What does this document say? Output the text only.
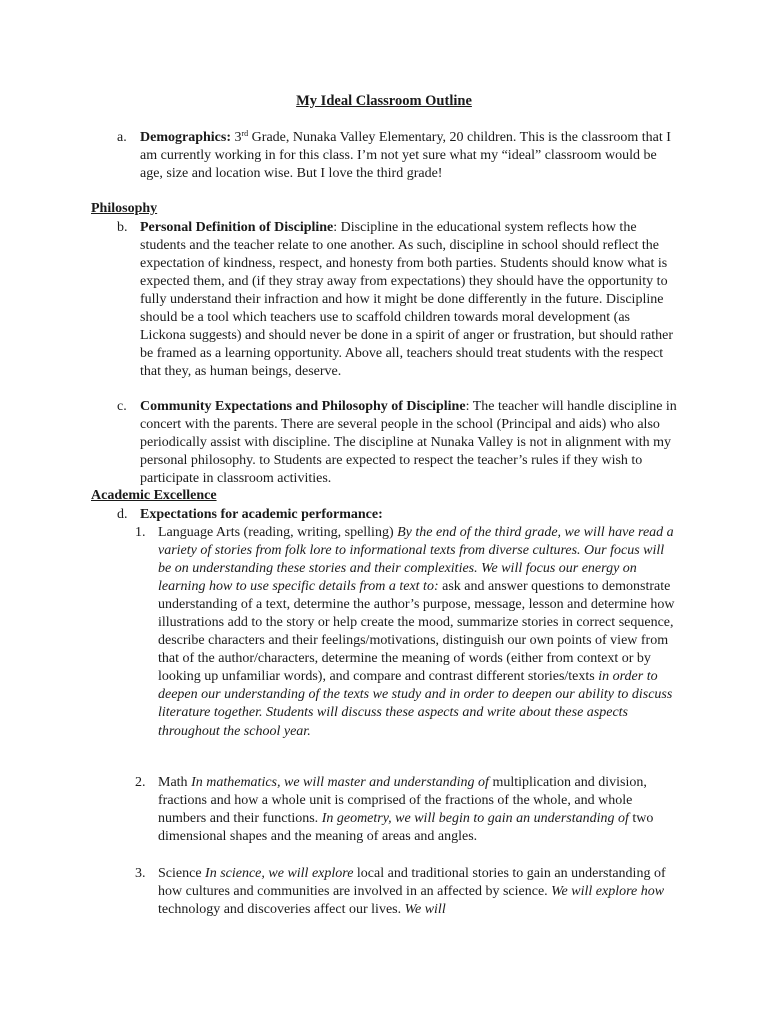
My Ideal Classroom Outline
a. Demographics: 3rd Grade, Nunaka Valley Elementary, 20 children. This is the classroom that I am currently working in for this class. I’m not yet sure what my “ideal” classroom would be age, size and location wise. But I love the third grade!

Philosophy
b. Personal Definition of Discipline: Discipline in the educational system reflects how the students and the teacher relate to one another. As such, discipline in school should reflect the expectation of kindness, respect, and honesty from both parties. Students should know what is expected them, and (if they stray away from expectations) they should have the opportunity to fully understand their infraction and how it might be done differently in the future. Discipline should be a tool which teachers use to scaffold children towards moral development (as Lickona suggests) and should never be done in a spirit of anger or frustration, but should rather be framed as a learning opportunity. Above all, teachers should treat students with the respect that they, as human beings, deserve.

c. Community Expectations and Philosophy of Discipline: The teacher will handle discipline in concert with the parents. There are several people in the school (Principal and aids) who also periodically assist with discipline. The discipline at Nunaka Valley is not in alignment with my personal philosophy. to Students are expected to respect the teacher’s rules if they wish to participate in classroom activities.

Academic Excellence
d. Expectations for academic performance:

1. Language Arts (reading, writing, spelling) By the end of the third grade, we will have read a variety of stories from folk lore to informational texts from diverse cultures. Our focus will be on understanding these stories and their complexities. We will focus our energy on learning how to use specific details from a text to: ask and answer questions to demonstrate understanding of a text, determine the author’s purpose, message, lesson and determine how illustrations add to the story or help create the mood, summarize stories in correct sequence, describe characters and their feelings/motivations, distinguish our own points of view from that of the author/characters, determine the meaning of words (either from context or by looking up unfamiliar words), and compare and contrast different stories/texts in order to deepen our understanding of the texts we study and in order to deepen our ability to discuss literature together. Students will discuss these aspects and write about these aspects throughout the school year.

2. Math In mathematics, we will master and understanding of multiplication and division, fractions and how a whole unit is comprised of the fractions of the whole, and whole numbers and their functions. In geometry, we will begin to gain an understanding of two dimensional shapes and the meaning of areas and angles.

3. Science In science, we will explore local and traditional stories to gain an understanding of how cultures and communities are involved in an affected by science. We will explore how technology and discoveries affect our lives. We will
